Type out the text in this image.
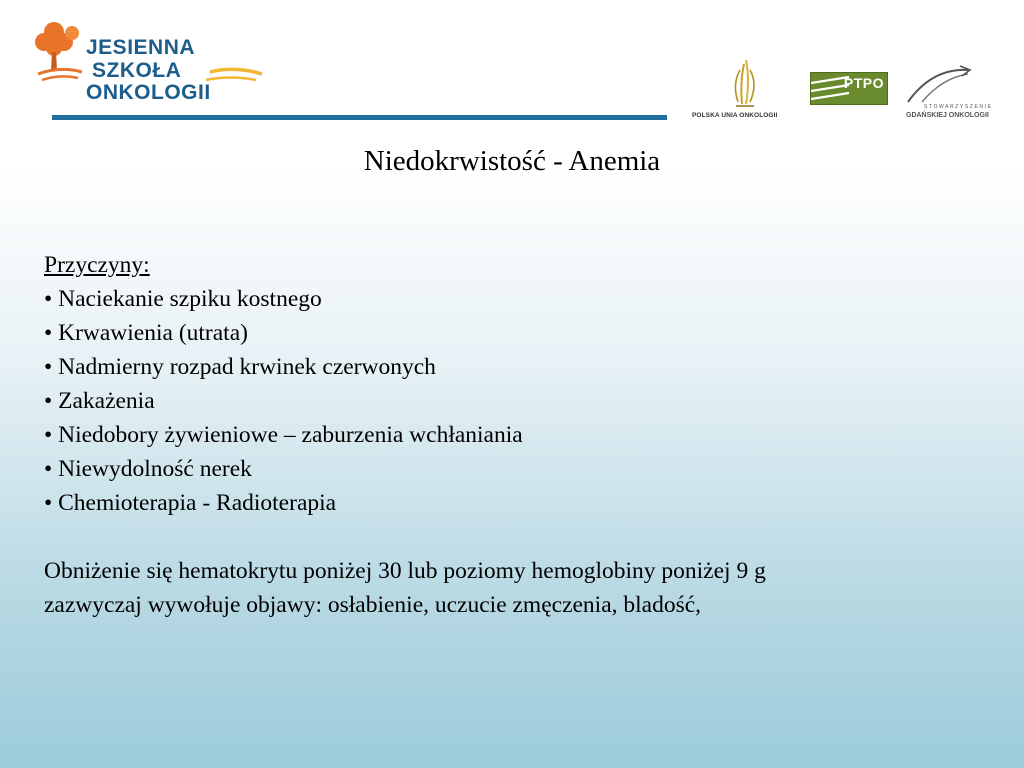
JESIENNA
SZKOŁA
ONKOLOGII
POLSKA UNIA ONKOLOGII
PTPO
STOWARZYSZENIE
GDAŃSKIEJ ONKOLOGII
Niedokrwistość - Anemia
Przyczyny:
• Naciekanie szpiku kostnego
• Krwawienia (utrata)
• Nadmierny rozpad krwinek czerwonych
• Zakażenia
• Niedobory żywieniowe – zaburzenia wchłaniania
• Niewydolność nerek
• Chemioterapia - Radioterapia
Obniżenie się hematokrytu poniżej 30 lub poziomy hemoglobiny poniżej 9 g
zazwyczaj wywołuje objawy: osłabienie, uczucie zmęczenia, bladość,
